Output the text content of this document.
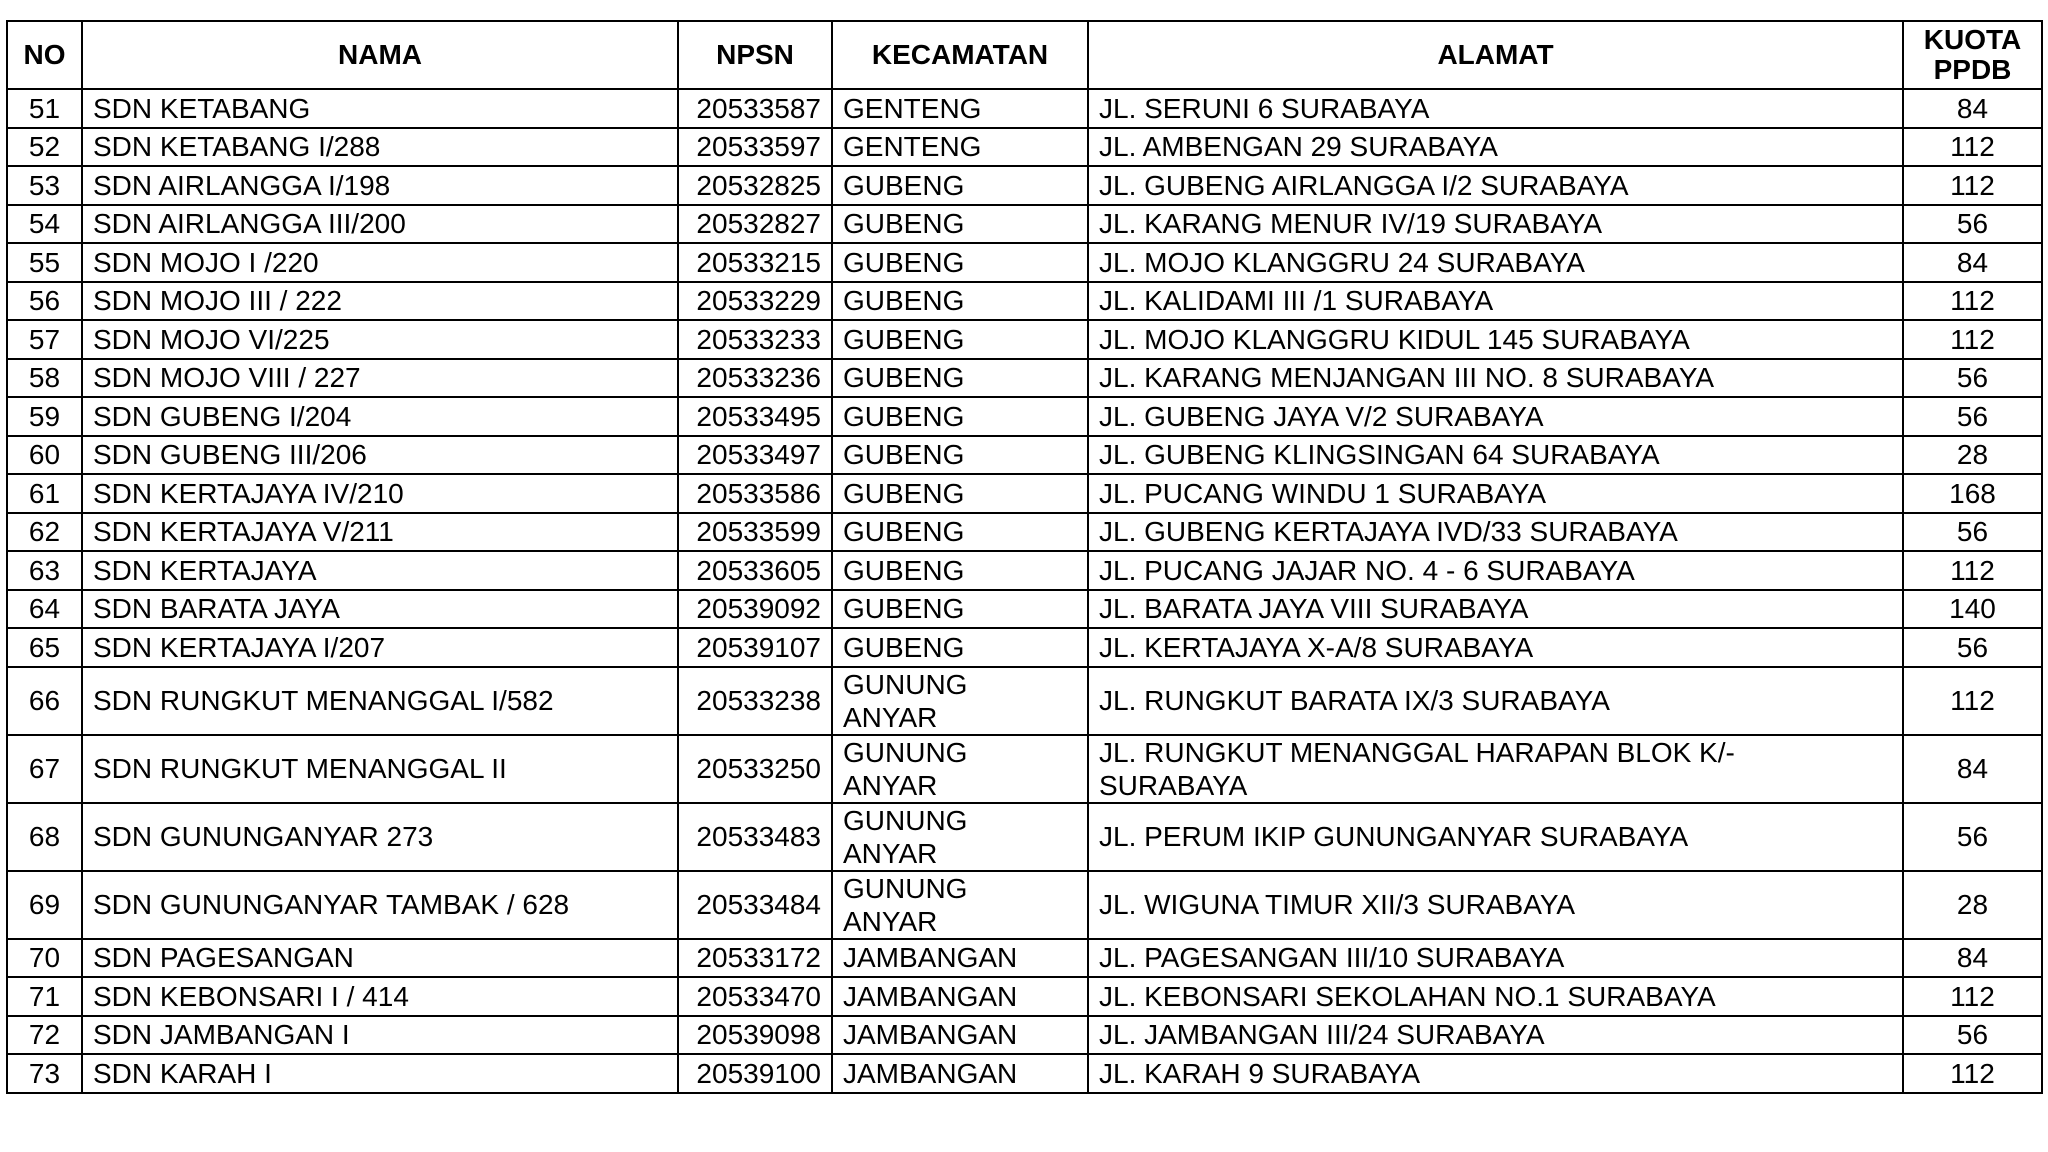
NO	NAMA	NPSN	KECAMATAN	ALAMAT	KUOTA
PPDB

51	SDN KETABANG	20533587	GENTENG	JL. SERUNI 6 SURABAYA	84
52	SDN KETABANG I/288	20533597	GENTENG	JL. AMBENGAN 29 SURABAYA	112
53	SDN AIRLANGGA I/198	20532825	GUBENG	JL. GUBENG AIRLANGGA I/2 SURABAYA	112
54	SDN AIRLANGGA III/200	20532827	GUBENG	JL. KARANG MENUR IV/19 SURABAYA	56
55	SDN MOJO I /220	20533215	GUBENG	JL. MOJO KLANGGRU 24 SURABAYA	84
56	SDN MOJO III / 222	20533229	GUBENG	JL. KALIDAMI III /1 SURABAYA	112
57	SDN MOJO VI/225	20533233	GUBENG	JL. MOJO KLANGGRU KIDUL 145 SURABAYA	112
58	SDN MOJO VIII / 227	20533236	GUBENG	JL. KARANG MENJANGAN III NO. 8 SURABAYA	56
59	SDN GUBENG I/204	20533495	GUBENG	JL. GUBENG JAYA V/2 SURABAYA	56
60	SDN GUBENG III/206	20533497	GUBENG	JL. GUBENG KLINGSINGAN 64 SURABAYA	28
61	SDN KERTAJAYA IV/210	20533586	GUBENG	JL. PUCANG WINDU 1 SURABAYA	168
62	SDN KERTAJAYA V/211	20533599	GUBENG	JL. GUBENG KERTAJAYA IVD/33 SURABAYA	56
63	SDN KERTAJAYA	20533605	GUBENG	JL. PUCANG JAJAR NO. 4 - 6 SURABAYA	112
64	SDN BARATA JAYA	20539092	GUBENG	JL. BARATA JAYA VIII SURABAYA	140
65	SDN KERTAJAYA I/207	20539107	GUBENG	JL. KERTAJAYA X-A/8 SURABAYA	56
66	SDN RUNGKUT MENANGGAL I/582	20533238	GUNUNG
ANYAR	JL. RUNGKUT BARATA IX/3 SURABAYA	112
67	SDN RUNGKUT MENANGGAL II	20533250	GUNUNG
ANYAR	JL. RUNGKUT MENANGGAL HARAPAN BLOK K/-
SURABAYA	84
68	SDN GUNUNGANYAR 273	20533483	GUNUNG
ANYAR	JL. PERUM IKIP GUNUNGANYAR SURABAYA	56
69	SDN GUNUNGANYAR TAMBAK / 628	20533484	GUNUNG
ANYAR	JL. WIGUNA TIMUR XII/3 SURABAYA	28
70	SDN PAGESANGAN	20533172	JAMBANGAN	JL. PAGESANGAN III/10 SURABAYA	84
71	SDN KEBONSARI I / 414	20533470	JAMBANGAN	JL. KEBONSARI SEKOLAHAN NO.1 SURABAYA	112
72	SDN JAMBANGAN I	20539098	JAMBANGAN	JL. JAMBANGAN III/24 SURABAYA	56
73	SDN KARAH I	20539100	JAMBANGAN	JL. KARAH 9 SURABAYA	112
